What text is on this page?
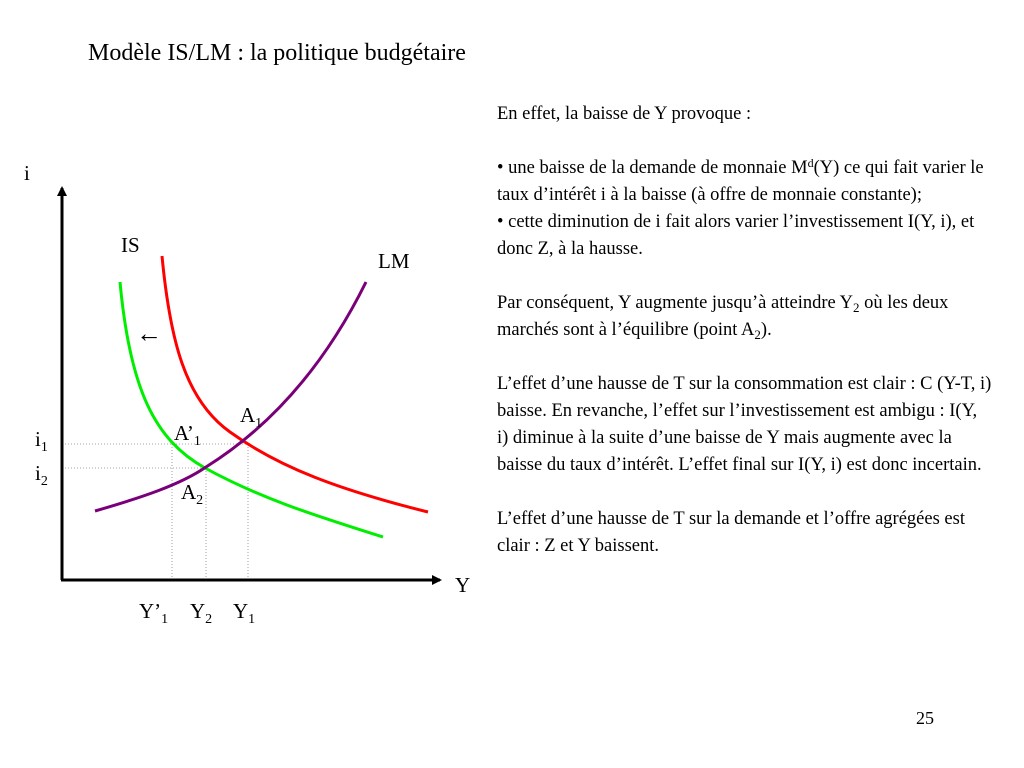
Modèle IS/LM : la politique budgétaire
←
i
Y
IS
LM
$A_1$
$A’_1$
$A_2$
$i_1$
$i_2$
$Y’_1$ $Y_2$ $Y_1$

En effet, la baisse de Y provoque :

• une baisse de la demande de monnaie $M^d(Y)$ ce qui fait varier le taux d’intérêt i à la baisse (à offre de monnaie constante);

• cette diminution de i fait alors varier l’investissement I(Y, i), et donc Z, à la hausse.

Par conséquent, Y augmente jusqu’à atteindre $Y_2$ où les deux marchés sont à l’équilibre (point $A_2$).

L’effet d’une hausse de T sur la consommation est clair : C (Y-T, i) baisse. En revanche, l’effet sur l’investissement est ambigu : I(Y, i) diminue à la suite d’une baisse de Y mais augmente avec la baisse du taux d’intérêt. L’effet final sur I(Y, i) est donc incertain.

L’effet d’une hausse de T sur la demande et l’offre agrégées est clair : Z et Y baissent.

25
